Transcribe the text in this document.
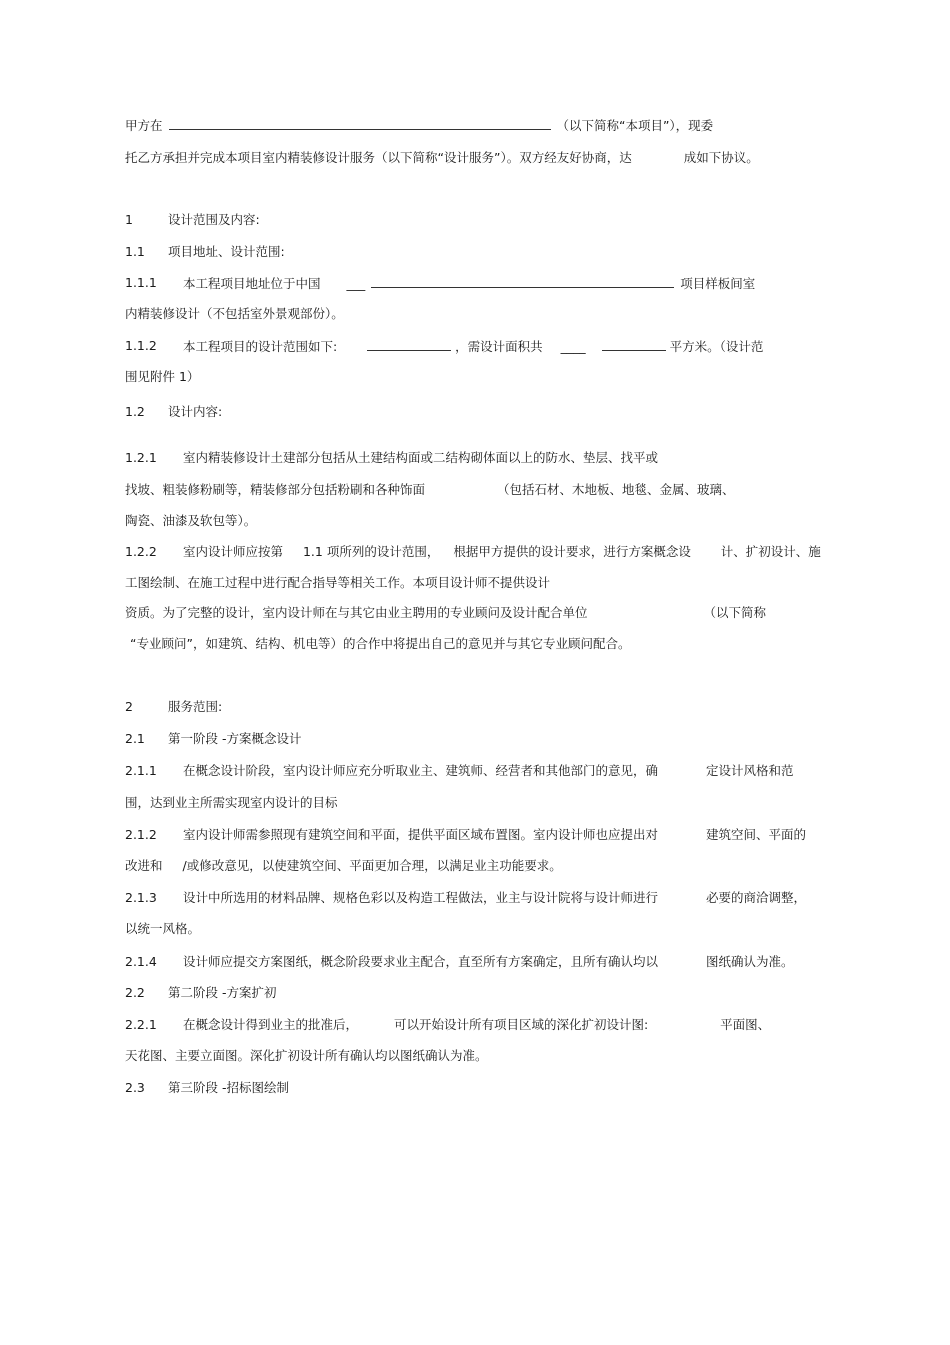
甲方在	（以下简称“本项目”），现委
托乙方承担并完成本项目室内精装修设计服务（以下简称“设计服务”）。双方经友好协商，达	成如下协议。
1	设计范围及内容:
1.1 项目地址、设计范围:
1.1.1 本工程项目地址位于中国 ___	项目样板间室
内精装修设计（不包括室外景观部份）。
1.1.2 本工程项目的设计范围如下:	，需设计面积共 ____	平方米。（设计范
围见附件 1）
1.2 设计内容:
1.2.1 室内精装修设计土建部分包括从土建结构面或二结构砌体面以上的防水、垫层、找平或
找坡、粗装修粉刷等，精装修部分包括粉刷和各种饰面	（包括石材、木地板、地毯、金属、玻璃、
陶瓷、油漆及软包等）。
1.2.2 室内设计师应按第 1.1 项所列的设计范围， 根据甲方提供的设计要求，进行方案概念设 计、扩初设计、施
工图绘制、在施工过程中进行配合指导等相关工作。本项目设计师不提供设计
资质。为了完整的设计，室内设计师在与其它由业主聘用的专业顾问及设计配合单位	（以下简称
“专业顾问”，如建筑、结构、机电等）的合作中将提出自己的意见并与其它专业顾问配合。
2	服务范围:
2.1 第一阶段 -方案概念设计
2.1.1 在概念设计阶段，室内设计师应充分听取业主、建筑师、经营者和其他部门的意见，确	定设计风格和范
围，达到业主所需实现室内设计的目标
2.1.2 室内设计师需参照现有建筑空间和平面，提供平面区域布置图。室内设计师也应提出对	建筑空间、平面的
改进和 /或修改意见，以使建筑空间、平面更加合理，以满足业主功能要求。
2.1.3 设计中所选用的材料品牌、规格色彩以及构造工程做法，业主与设计院将与设计师进行	必要的商洽调整，
以统一风格。
2.1.4 设计师应提交方案图纸，概念阶段要求业主配合，直至所有方案确定，且所有确认均以	图纸确认为准。
2.2 第二阶段 -方案扩初
2.2.1 在概念设计得到业主的批准后，	可以开始设计所有项目区域的深化扩初设计图:	平面图、
天花图、主要立面图。深化扩初设计所有确认均以图纸确认为准。
2.3 第三阶段 -招标图绘制
